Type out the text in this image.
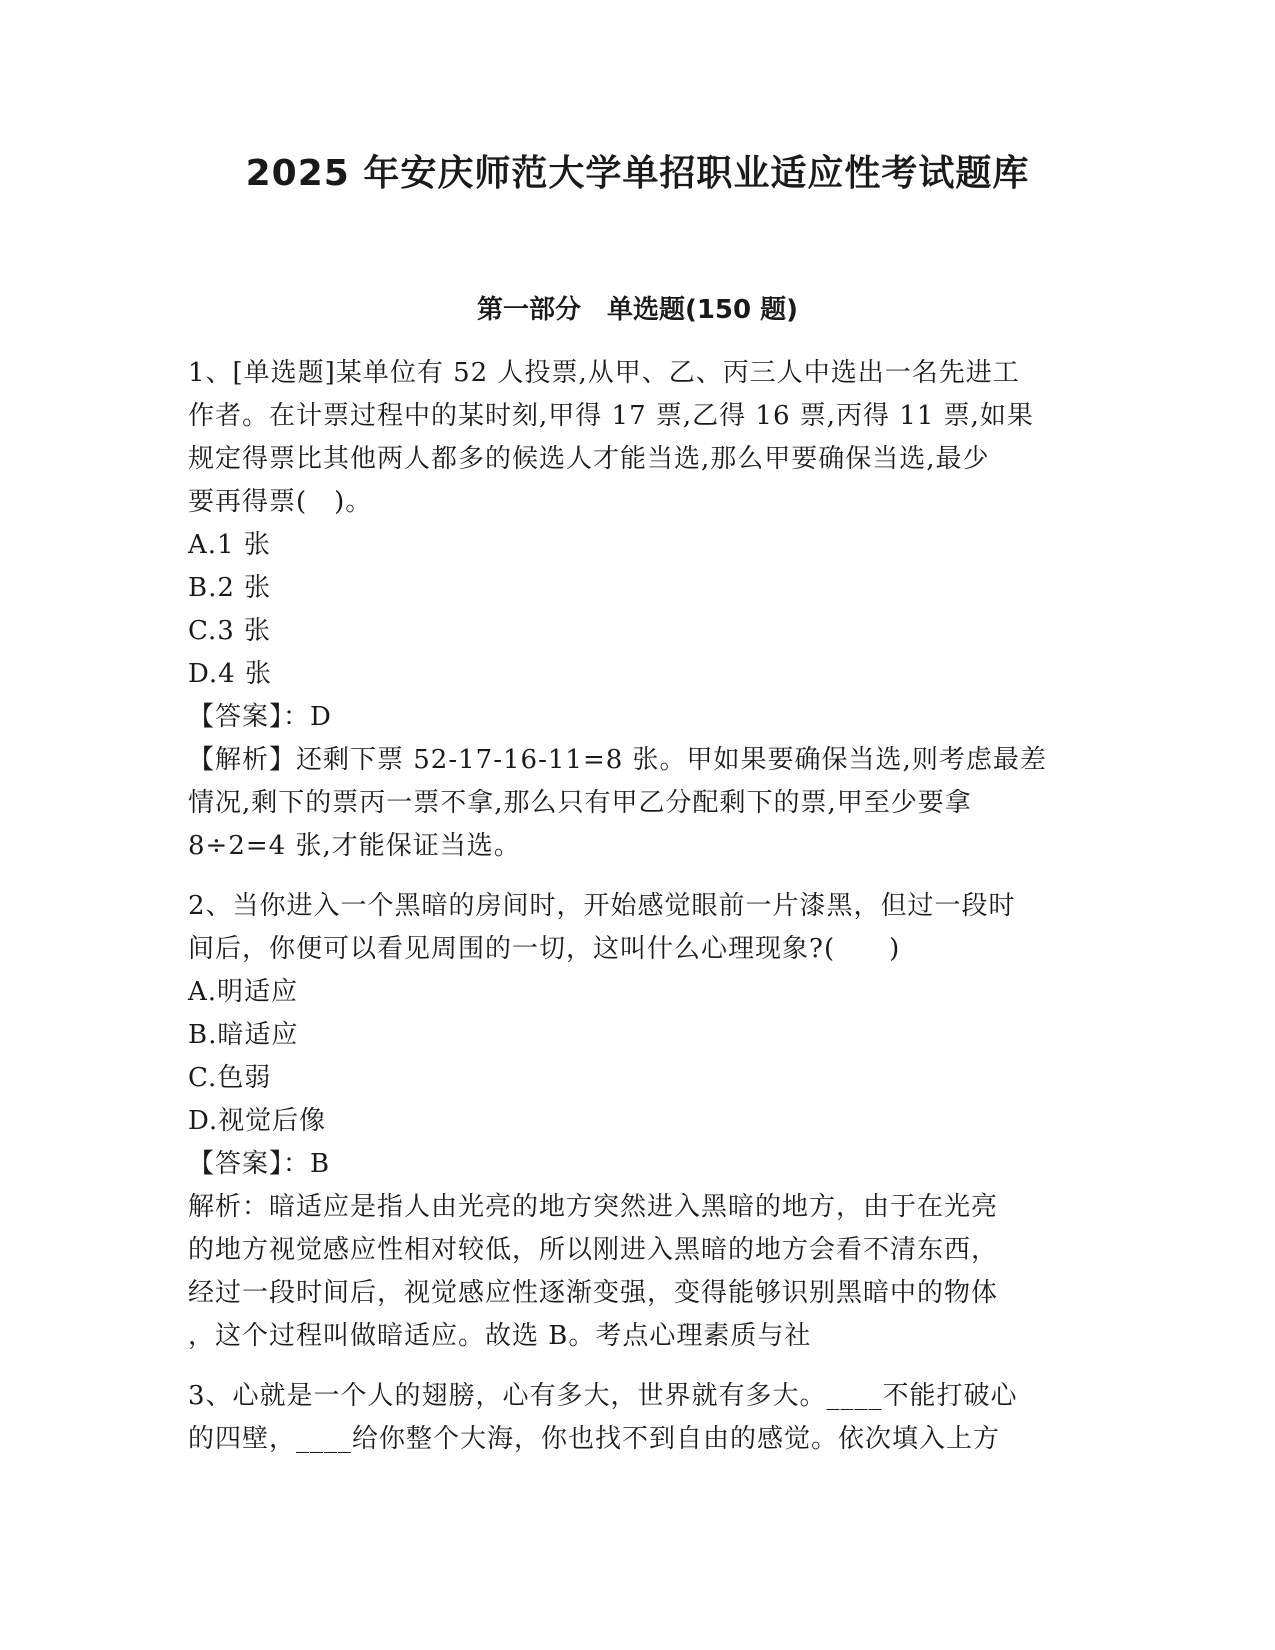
2025 年安庆师范大学单招职业适应性考试题库
第一部分　单选题(150 题)
1、[单选题]某单位有 52 人投票,从甲、乙、丙三人中选出一名先进工
作者。在计票过程中的某时刻,甲得 17 票,乙得 16 票,丙得 11 票,如果
规定得票比其他两人都多的候选人才能当选,那么甲要确保当选,最少
要再得票(　)。
A.1 张
B.2 张
C.3 张
D.4 张
【答案】：D
【解析】还剩下票 52-17-16-11=8 张。甲如果要确保当选,则考虑最差
情况,剩下的票丙一票不拿,那么只有甲乙分配剩下的票,甲至少要拿
8÷2=4 张,才能保证当选。
2、当你进入一个黑暗的房间时，开始感觉眼前一片漆黑，但过一段时
间后，你便可以看见周围的一切，这叫什么心理现象?(　　)
A.明适应
B.暗适应
C.色弱
D.视觉后像
【答案】：B
解析：暗适应是指人由光亮的地方突然进入黑暗的地方，由于在光亮
的地方视觉感应性相对较低，所以刚进入黑暗的地方会看不清东西，
经过一段时间后，视觉感应性逐渐变强，变得能够识别黑暗中的物体
，这个过程叫做暗适应。故选 B。考点心理素质与社
3、心就是一个人的翅膀，心有多大，世界就有多大。____不能打破心
的四壁，____给你整个大海，你也找不到自由的感觉。依次填入上方
